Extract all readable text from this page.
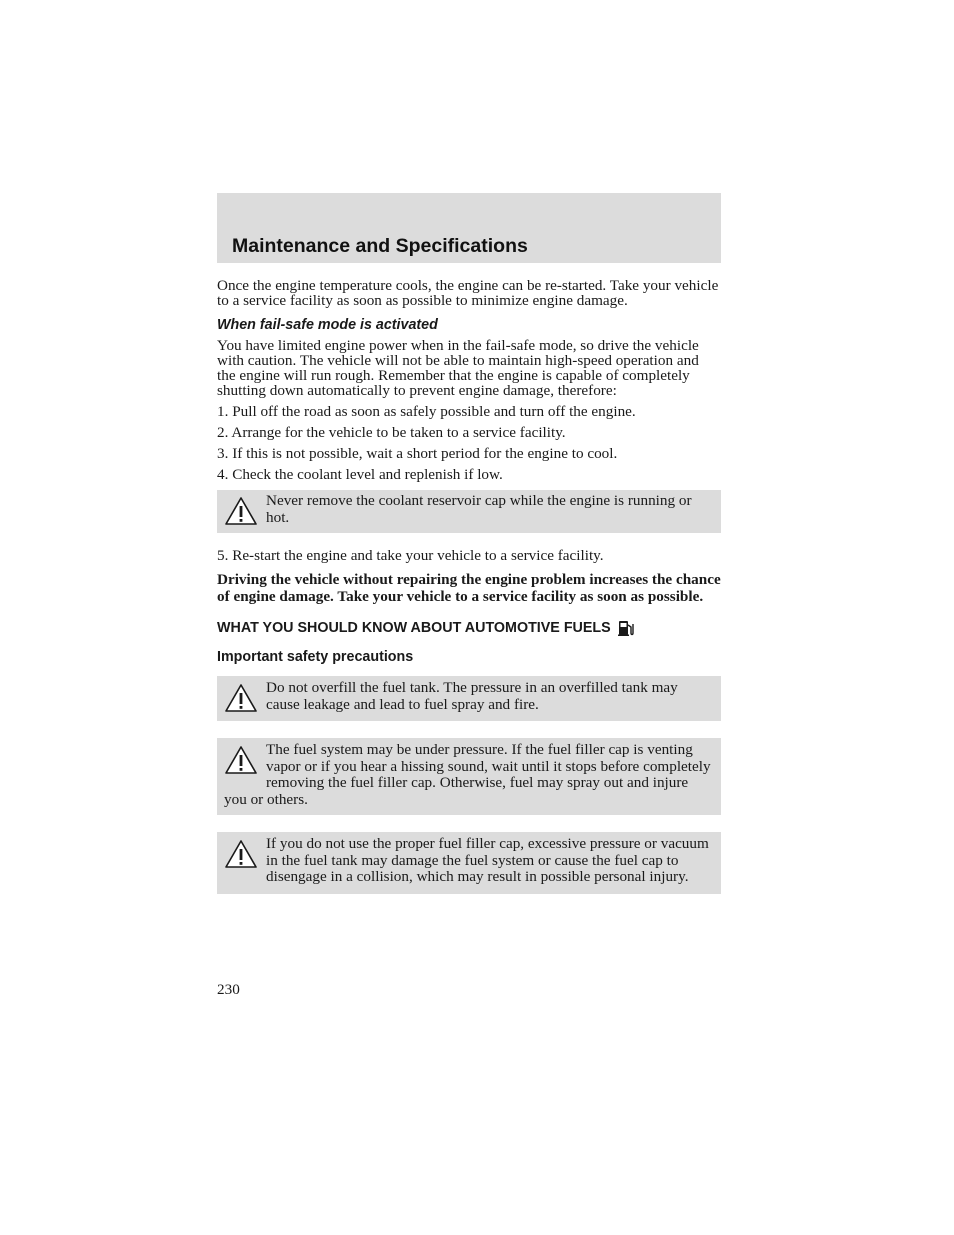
Maintenance and Specifications

Once the engine temperature cools, the engine can be re-started. Take your vehicle to a service facility as soon as possible to minimize engine damage.

When fail-safe mode is activated

You have limited engine power when in the fail-safe mode, so drive the vehicle with caution. The vehicle will not be able to maintain high-speed operation and the engine will run rough. Remember that the engine is capable of completely shutting down automatically to prevent engine damage, therefore:

1. Pull off the road as soon as safely possible and turn off the engine.
2. Arrange for the vehicle to be taken to a service facility.
3. If this is not possible, wait a short period for the engine to cool.
4. Check the coolant level and replenish if low.
Never remove the coolant reservoir cap while the engine is running or hot.
5. Re-start the engine and take your vehicle to a service facility.

Driving the vehicle without repairing the engine problem increases the chance of engine damage. Take your vehicle to a service facility as soon as possible.

WHAT YOU SHOULD KNOW ABOUT AUTOMOTIVE FUELS
Important safety precautions
Do not overfill the fuel tank. The pressure in an overfilled tank may cause leakage and lead to fuel spray and fire.
The fuel system may be under pressure. If the fuel filler cap is venting vapor or if you hear a hissing sound, wait until it stops before completely removing the fuel filler cap. Otherwise, fuel may spray out and injure you or others.
If you do not use the proper fuel filler cap, excessive pressure or vacuum in the fuel tank may damage the fuel system or cause the fuel cap to disengage in a collision, which may result in possible personal injury.
230
